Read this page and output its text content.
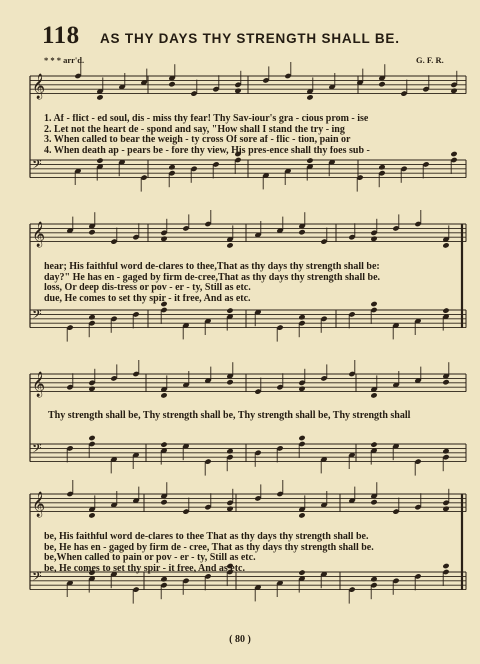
118 AS THY DAYS THY STRENGTH SHALL BE.
* * * arr'd.	G. F. R.
𝄞
𝄢
𝄞
𝄢
𝄞
𝄢
𝄞
𝄢
1. Af - flict - ed soul, dis - miss thy fear! Thy Sav-iour's gra - cious prom - ise
2. Let not the heart de - spond and say, "How shall I stand the try - ing
3. When called to bear the weigh - ty cross Of sore af - flic - tion, pain or
4. When death ap - pears be - fore thy view, His pres-ence shall thy foes sub -
hear; His faithful word de-clares to thee,That as thy days thy strength shall be:
day?" He has en - gaged by firm de-cree,That as thy days thy strength shall be.
loss, Or deep dis-tress or pov - er - ty, Still as etc.
due, He comes to set thy spir - it free, And as etc.
Thy strength shall be, Thy strength shall be, Thy strength shall be, Thy strength shall
be, His faithful word de-clares to thee That as thy days thy strength shall be.
be, He has en - gaged by firm de - cree, That as thy days thy strength shall be.
be,When called to pain or pov - er - ty, Still as etc.
be, He comes to set thy spir - it free, And as etc.
( 80 )
